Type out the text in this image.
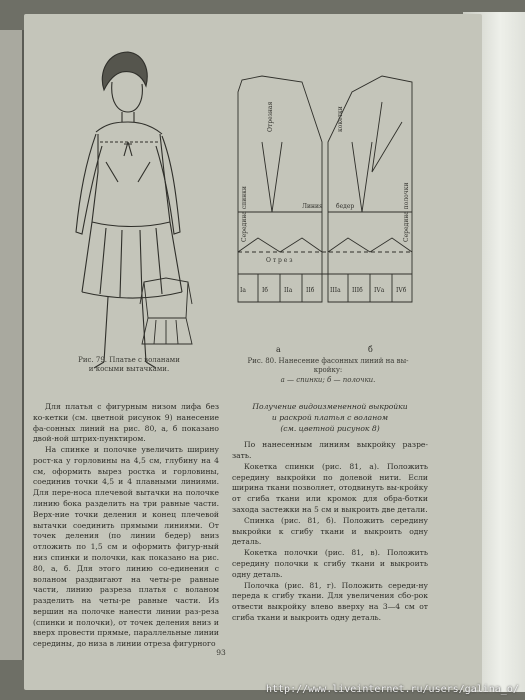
О т р е з
Линия бедер
Iа	Iб	IIа IIб	IIIа IIIб IVа IVб
а	б
Середина спинки	Середина полочки
Отрезная	кокетки
Рис. 79. Платье с воланами
и косыми вытачками.
Рис. 80. Нанесение фасонных линий на вы-
кройку:
а — спинки; б — полочки.

Для платья с фигурным низом лифа без ко-кетки (см. цветной рисунок 9) нанесение фа-сонных линий на рис. 80, а, б показано двой-ной штрих-пунктиром.

На спинке и полочке увеличить ширину рост-ка у горловины на 4,5 см, глубину на 4 см, оформить вырез ростка и горловины, соединив точки 4,5 и 4 плавными линиями. Для пере-носа плечевой вытачки на полочке линию бока разделить на три равные части. Верх-ние точки деления и конец плечевой вытачки соединить прямыми линиями. От точек деления (по линии бедер) вниз отложить по 1,5 см и оформить фигур-ный низ спинки и полочки, как показано на рис. 80, а, б. Для этого линию со-единения с воланом раздвигают на четы-ре равные части, линию разреза платья с воланом разделить на четы-ре равные части. Из вершин на полочке нанести линии раз-реза (спинки и полочки), от точек деления вниз и вверх провести прямые, параллельные линии середины, до низа в линии отреза фигурного

Получение видоизмененной выкройки
и раскрой платья с воланом
(см. цветной рисунок 8)

По нанесенным линиям выкройку разре-зать.

Кокетка спинки (рис. 81, а). Положить середину выкройки по долевой нити. Если ширина ткани позволяет, отодвинуть вы-кройку от сгиба ткани или кромок для обра-ботки захода застежки на 5 см и выкроить две детали.

Спинка (рис. 81, б). Положить середину выкройки к сгибу ткани и выкроить одну деталь.

Кокетка полочки (рис. 81, в). Положить середину полочки к сгибу ткани и выкроить одну деталь.

Полочка (рис. 81, г). Положить середи-ну переда к сгибу ткани. Для увеличения сбо-рок отвести выкройку влево вверху на 3—4 см от сгиба ткани и выкроить одну деталь.

93
http://www.liveinternet.ru/users/galina_o/
